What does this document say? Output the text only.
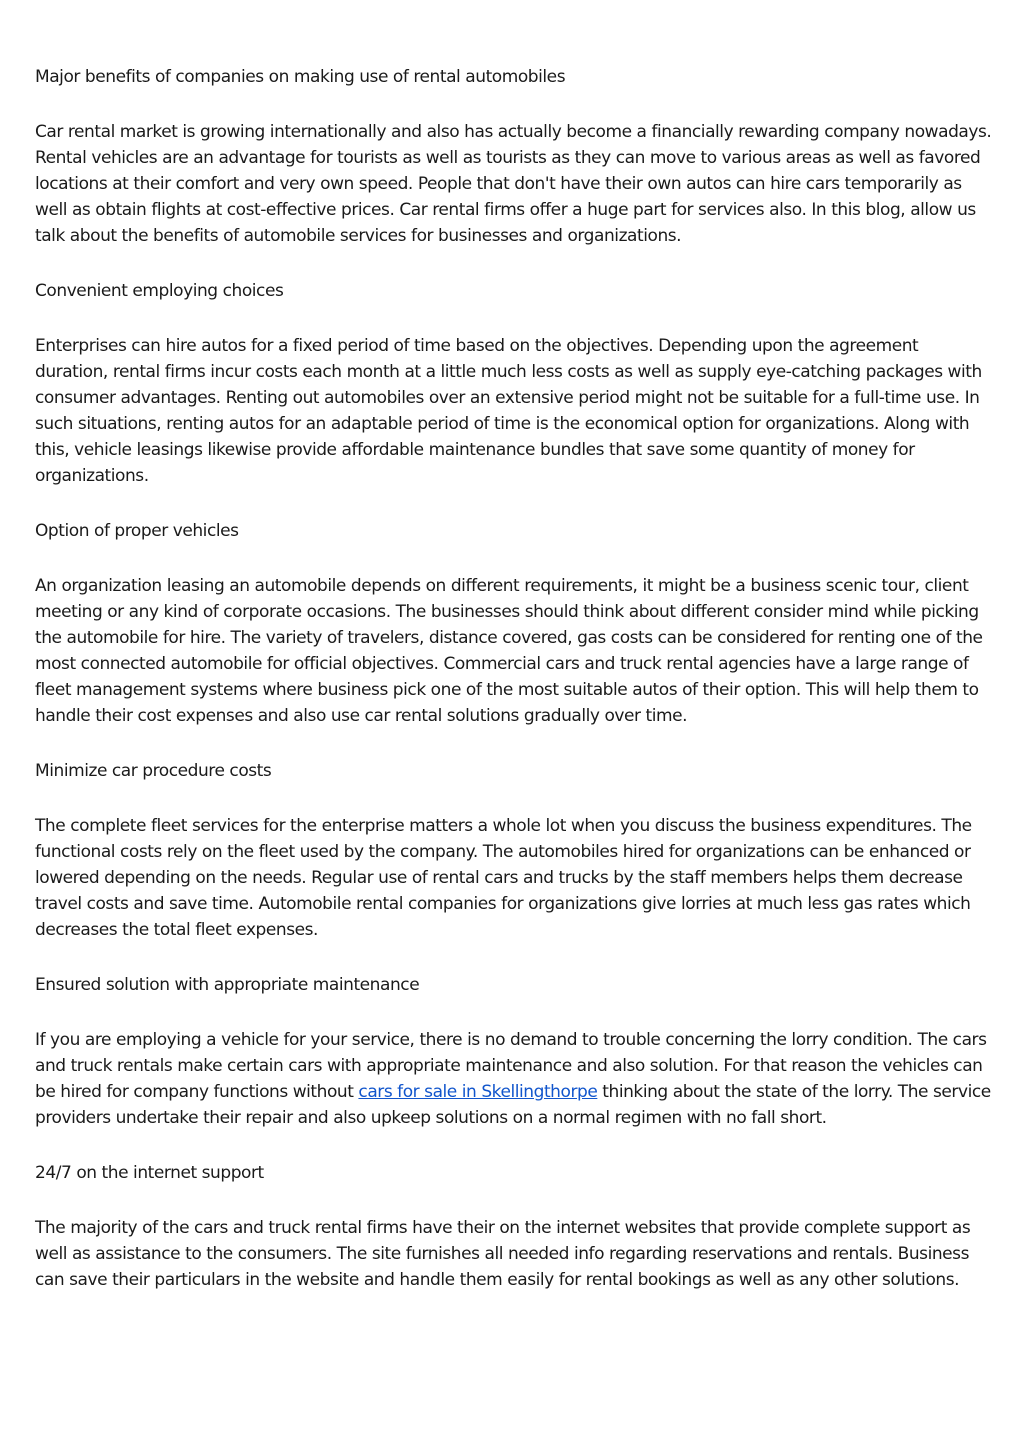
Major benefits of companies on making use of rental automobiles

Car rental market is growing internationally and also has actually become a financially rewarding company nowadays. Rental vehicles are an advantage for tourists as well as tourists as they can move to various areas as well as favored locations at their comfort and very own speed. People that don't have their own autos can hire cars temporarily as well as obtain flights at cost-effective prices. Car rental firms offer a huge part for services also. In this blog, allow us talk about the benefits of automobile services for businesses and organizations.

Convenient employing choices

Enterprises can hire autos for a fixed period of time based on the objectives. Depending upon the agreement duration, rental firms incur costs each month at a little much less costs as well as supply eye-catching packages with consumer advantages. Renting out automobiles over an extensive period might not be suitable for a full-time use. In such situations, renting autos for an adaptable period of time is the economical option for organizations. Along with this, vehicle leasings likewise provide affordable maintenance bundles that save some quantity of money for organizations.

Option of proper vehicles

An organization leasing an automobile depends on different requirements, it might be a business scenic tour, client meeting or any kind of corporate occasions. The businesses should think about different consider mind while picking the automobile for hire. The variety of travelers, distance covered, gas costs can be considered for renting one of the most connected automobile for official objectives. Commercial cars and truck rental agencies have a large range of fleet management systems where business pick one of the most suitable autos of their option. This will help them to handle their cost expenses and also use car rental solutions gradually over time.

Minimize car procedure costs

The complete fleet services for the enterprise matters a whole lot when you discuss the business expenditures. The functional costs rely on the fleet used by the company. The automobiles hired for organizations can be enhanced or lowered depending on the needs. Regular use of rental cars and trucks by the staff members helps them decrease travel costs and save time. Automobile rental companies for organizations give lorries at much less gas rates which decreases the total fleet expenses.

Ensured solution with appropriate maintenance

If you are employing a vehicle for your service, there is no demand to trouble concerning the lorry condition. The cars and truck rentals make certain cars with appropriate maintenance and also solution. For that reason the vehicles can be hired for company functions without cars for sale in Skellingthorpe thinking about the state of the lorry. The service providers undertake their repair and also upkeep solutions on a normal regimen with no fall short.

24/7 on the internet support

The majority of the cars and truck rental firms have their on the internet websites that provide complete support as well as assistance to the consumers. The site furnishes all needed info regarding reservations and rentals. Business can save their particulars in the website and handle them easily for rental bookings as well as any other solutions.
